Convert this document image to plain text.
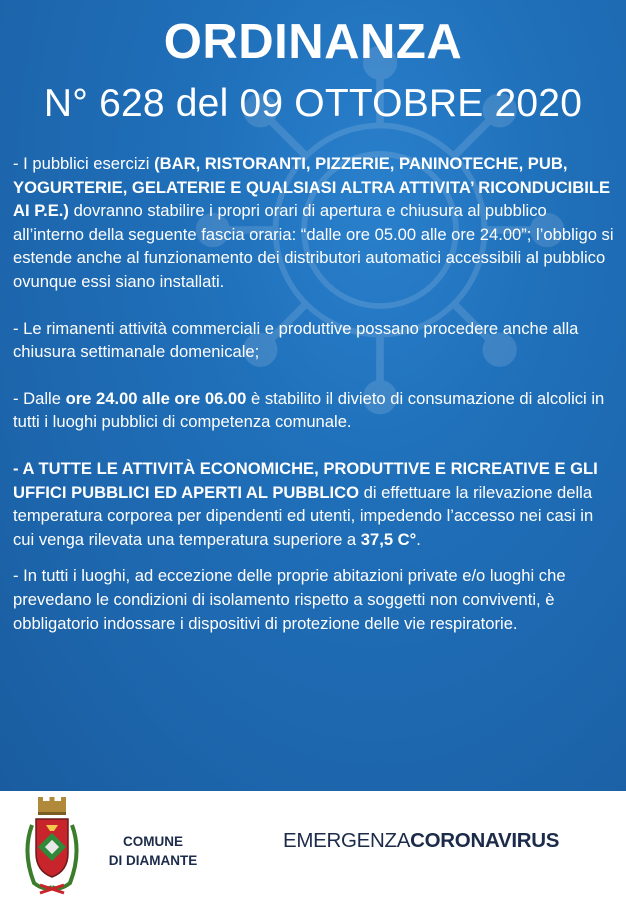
ORDINANZA
N° 628 del 09 OTTOBRE 2020

- I pubblici esercizi (BAR, RISTORANTI, PIZZERIE, PANINOTECHE, PUB, YOGURTERIE, GELATERIE E QUALSIASI ALTRA ATTIVITA’ RICONDUCIBILE AI P.E.) dovranno stabilire i propri orari di apertura e chiusura al pubblico all’interno della seguente fascia oraria: “dalle ore 05.00 alle ore 24.00”; l’obbligo si estende anche al funzionamento dei distributori automatici accessibili al pubblico ovunque essi siano installati.

- Le rimanenti attività commerciali e produttive possano procedere anche alla chiusura settimanale domenicale;

- Dalle ore 24.00 alle ore 06.00 è stabilito il divieto di consumazione di alcolici in tutti i luoghi pubblici di competenza comunale.

- A TUTTE LE ATTIVITÀ ECONOMICHE, PRODUTTIVE E RICREATIVE E GLI UFFICI PUBBLICI ED APERTI AL PUBBLICO di effettuare la rilevazione della temperatura corporea per dipendenti ed utenti, impedendo l’accesso nei casi in cui venga rilevata una temperatura superiore a 37,5 C°.

- In tutti i luoghi, ad eccezione delle proprie abitazioni private e/o luoghi che prevedano le condizioni di isolamento rispetto a soggetti non conviventi, è obbligatorio indossare i dispositivi di protezione delle vie respiratorie.

COMUNE
DI DIAMANTE
EMERGENZACORONAVIRUS
